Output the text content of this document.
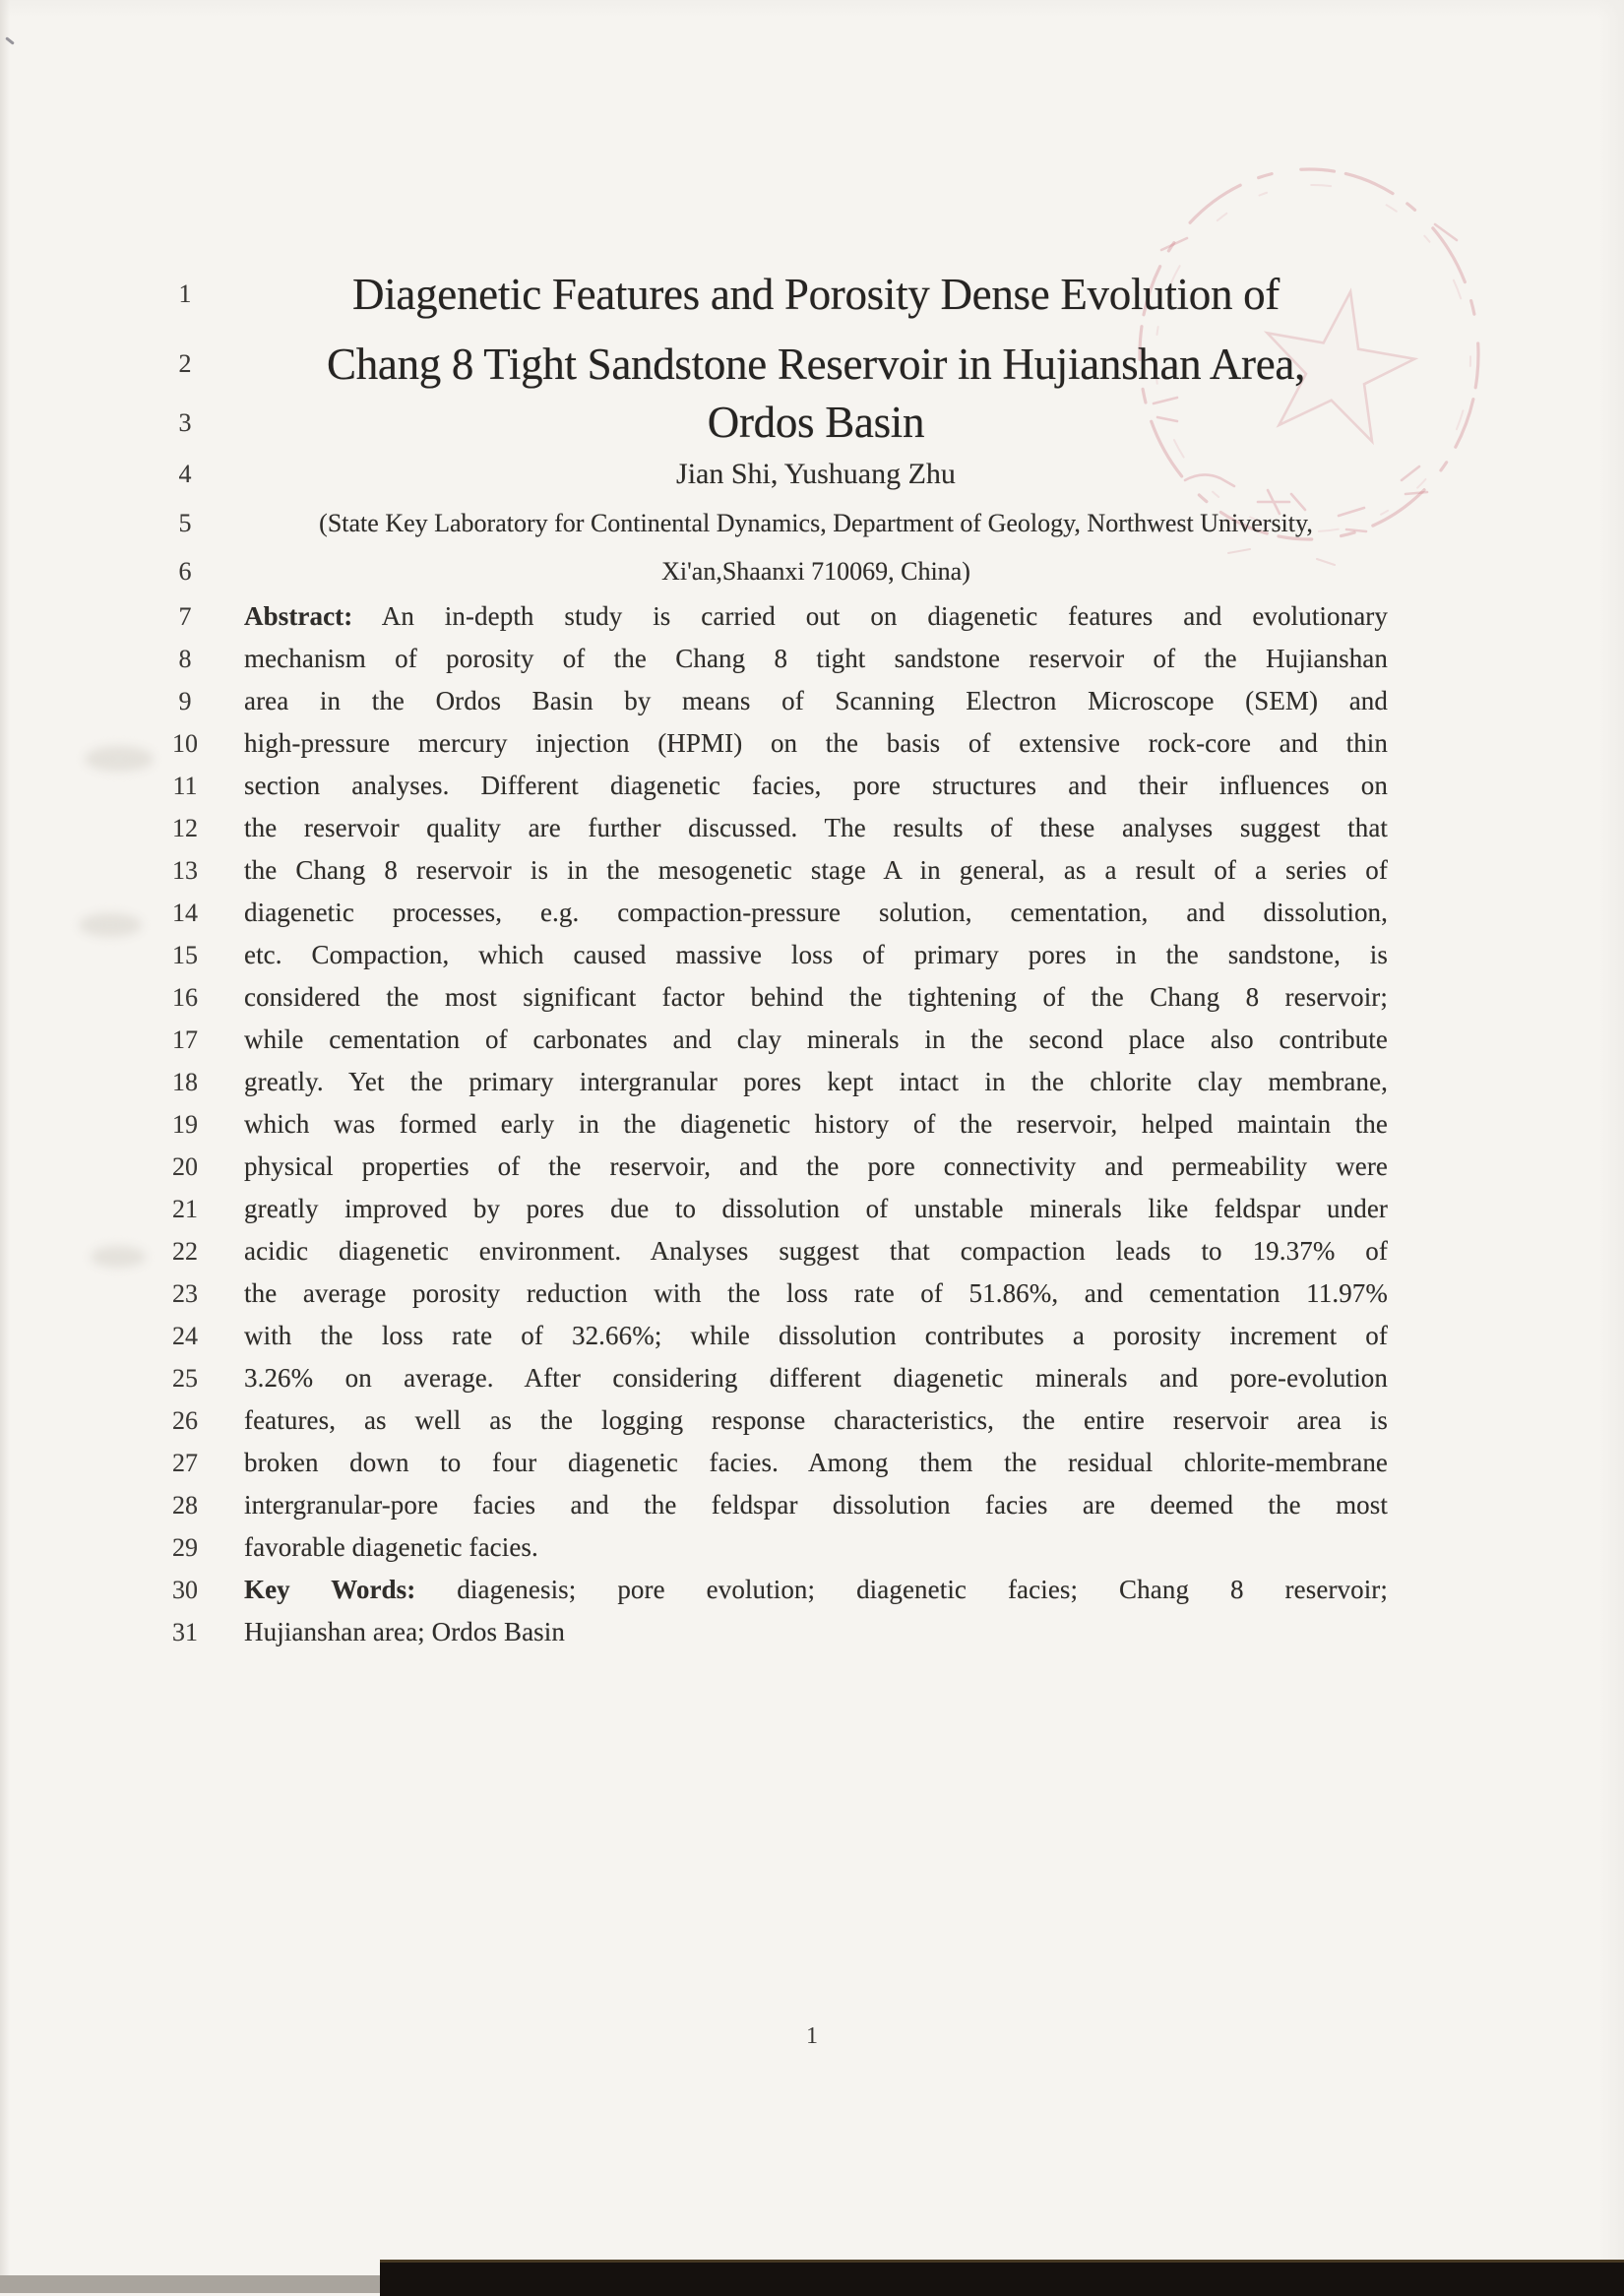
1	Diagenetic Features and Porosity Dense Evolution of
2	Chang 8 Tight Sandstone Reservoir in Hujianshan Area,
3	Ordos Basin
4	Jian Shi, Yushuang Zhu
5	(State Key Laboratory for Continental Dynamics, Department of Geology, Northwest University,
6	Xi'an,Shaanxi 710069, China)
7	Abstract: An in-depth study is carried out on diagenetic features and evolutionary
8	mechanism of porosity of the Chang 8 tight sandstone reservoir of the Hujianshan
9	area in the Ordos Basin by means of Scanning Electron Microscope (SEM) and
10	high-pressure mercury injection (HPMI) on the basis of extensive rock-core and thin
11	section analyses. Different diagenetic facies, pore structures and their influences on
12	the reservoir quality are further discussed. The results of these analyses suggest that
13	the Chang 8 reservoir is in the mesogenetic stage A in general, as a result of a series of
14	diagenetic processes, e.g. compaction-pressure solution, cementation, and dissolution,
15	etc. Compaction, which caused massive loss of primary pores in the sandstone, is
16	considered the most significant factor behind the tightening of the Chang 8 reservoir;
17	while cementation of carbonates and clay minerals in the second place also contribute
18	greatly. Yet the primary intergranular pores kept intact in the chlorite clay membrane,
19	which was formed early in the diagenetic history of the reservoir, helped maintain the
20	physical properties of the reservoir, and the pore connectivity and permeability were
21	greatly improved by pores due to dissolution of unstable minerals like feldspar under
22	acidic diagenetic environment. Analyses suggest that compaction leads to 19.37% of
23	the average porosity reduction with the loss rate of 51.86%, and cementation 11.97%
24	with the loss rate of 32.66%; while dissolution contributes a porosity increment of
25	3.26% on average. After considering different diagenetic minerals and pore-evolution
26	features, as well as the logging response characteristics, the entire reservoir area is
27	broken down to four diagenetic facies. Among them the residual chlorite-membrane
28	intergranular-pore facies and the feldspar dissolution facies are deemed the most
29	favorable diagenetic facies.
30	Key Words: diagenesis; pore evolution; diagenetic facies; Chang 8 reservoir;
31	Hujianshan area; Ordos Basin
1
